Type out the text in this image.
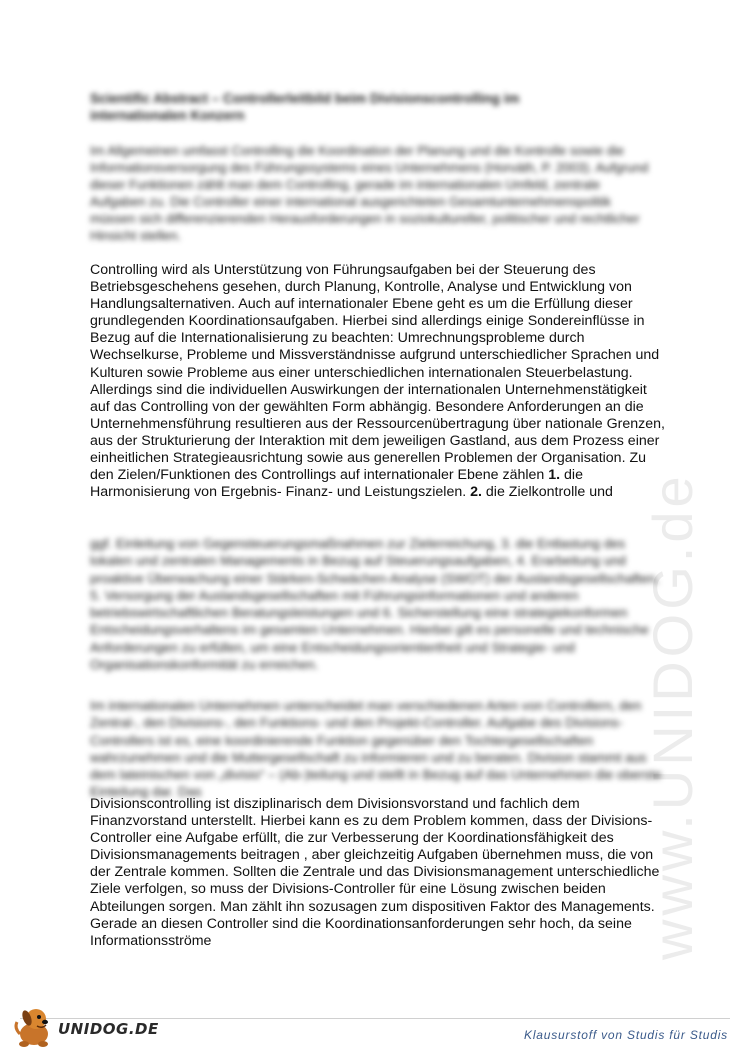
www.UNIDOG.de
Scientific Abstract – Controllerleitbild beim Divisionscontrolling im internationalen Konzern
Im Allgemeinen umfasst Controlling die Koordination der Planung und die Kontrolle sowie die Informationsversorgung des Führungssystems eines Unternehmens (Horváth, P. 2003). Aufgrund dieser Funktionen zählt man dem Controlling, gerade im internationalen Umfeld, zentrale Aufgaben zu. Die Controller einer international ausgerichteten Gesamtunternehmenspolitik müssen sich differenzierenden Herausforderungen in soziokultureller, politischer und rechtlicher Hinsicht stellen.
Controlling wird als Unterstützung von Führungsaufgaben bei der Steuerung des Betriebsgeschehens gesehen, durch Planung, Kontrolle, Analyse und Entwicklung von Handlungsalternativen. Auch auf internationaler Ebene geht es um die Erfüllung dieser grundlegenden Koordinationsaufgaben. Hierbei sind allerdings einige Sondereinflüsse in Bezug auf die Internationalisierung zu beachten: Umrechnungsprobleme durch Wechselkurse, Probleme und Missverständnisse aufgrund unterschiedlicher Sprachen und Kulturen sowie Probleme aus einer unterschiedlichen internationalen Steuerbelastung. Allerdings sind die individuellen Auswirkungen der internationalen Unternehmenstätigkeit auf das Controlling von der gewählten Form abhängig. Besondere Anforderungen an die Unternehmensführung resultieren aus der Ressourcenübertragung über nationale Grenzen, aus der Strukturierung der Interaktion mit dem jeweiligen Gastland, aus dem Prozess einer einheitlichen Strategieausrichtung sowie aus generellen Problemen der Organisation. Zu den Zielen/Funktionen des Controllings auf internationaler Ebene zählen 1. die Harmonisierung von Ergebnis- Finanz- und Leistungszielen. 2. die Zielkontrolle und
ggf. Einleitung von Gegensteuerungsmaßnahmen zur Zielerreichung, 3. die Entlastung des lokalen und zentralen Managements in Bezug auf Steuerungsaufgaben, 4. Erarbeitung und proaktive Überwachung einer Stärken-Schwächen-Analyse (SWOT) der Auslandsgesellschaften, 5. Versorgung der Auslandsgesellschaften mit Führungsinformationen und anderen betriebswirtschaftlichen Beratungsleistungen und 6. Sicherstellung eine strategiekonformen Entscheidungsverhaltens im gesamten Unternehmen. Hierbei gilt es personelle und technische Anforderungen zu erfüllen, um eine Entscheidungsorientiertheit und Strategie- und Organisationskonformität zu erreichen.
Im internationalen Unternehmen unterscheidet man verschiedenen Arten von Controllern, den Zentral-, den Divisions-, den Funktions- und den Projekt-Controller. Aufgabe des Divisions-Controllers ist es, eine koordinierende Funktion gegenüber den Tochtergesellschaften wahrzunehmen und die Muttergesellschaft zu informieren und zu beraten. Division stammt aus dem lateinischen von „divisio“ – (Ab-)teilung und stellt in Bezug auf das Unternehmen die oberste Einteilung dar. Das
Divisionscontrolling ist disziplinarisch dem Divisionsvorstand und fachlich dem Finanzvorstand unterstellt. Hierbei kann es zu dem Problem kommen, dass der Divisions-Controller eine Aufgabe erfüllt, die zur Verbesserung der Koordinationsfähigkeit des Divisionsmanagements beitragen , aber gleichzeitig Aufgaben übernehmen muss, die von der Zentrale kommen. Sollten die Zentrale und das Divisionsmanagement unterschiedliche Ziele verfolgen, so muss der Divisions-Controller für eine Lösung zwischen beiden Abteilungen sorgen. Man zählt ihn sozusagen zum dispositiven Faktor des Managements. Gerade an diesen Controller sind die Koordinationsanforderungen sehr hoch, da seine Informationsströme
UNIDOG.DE	Klausurstoff von Studis für Studis
